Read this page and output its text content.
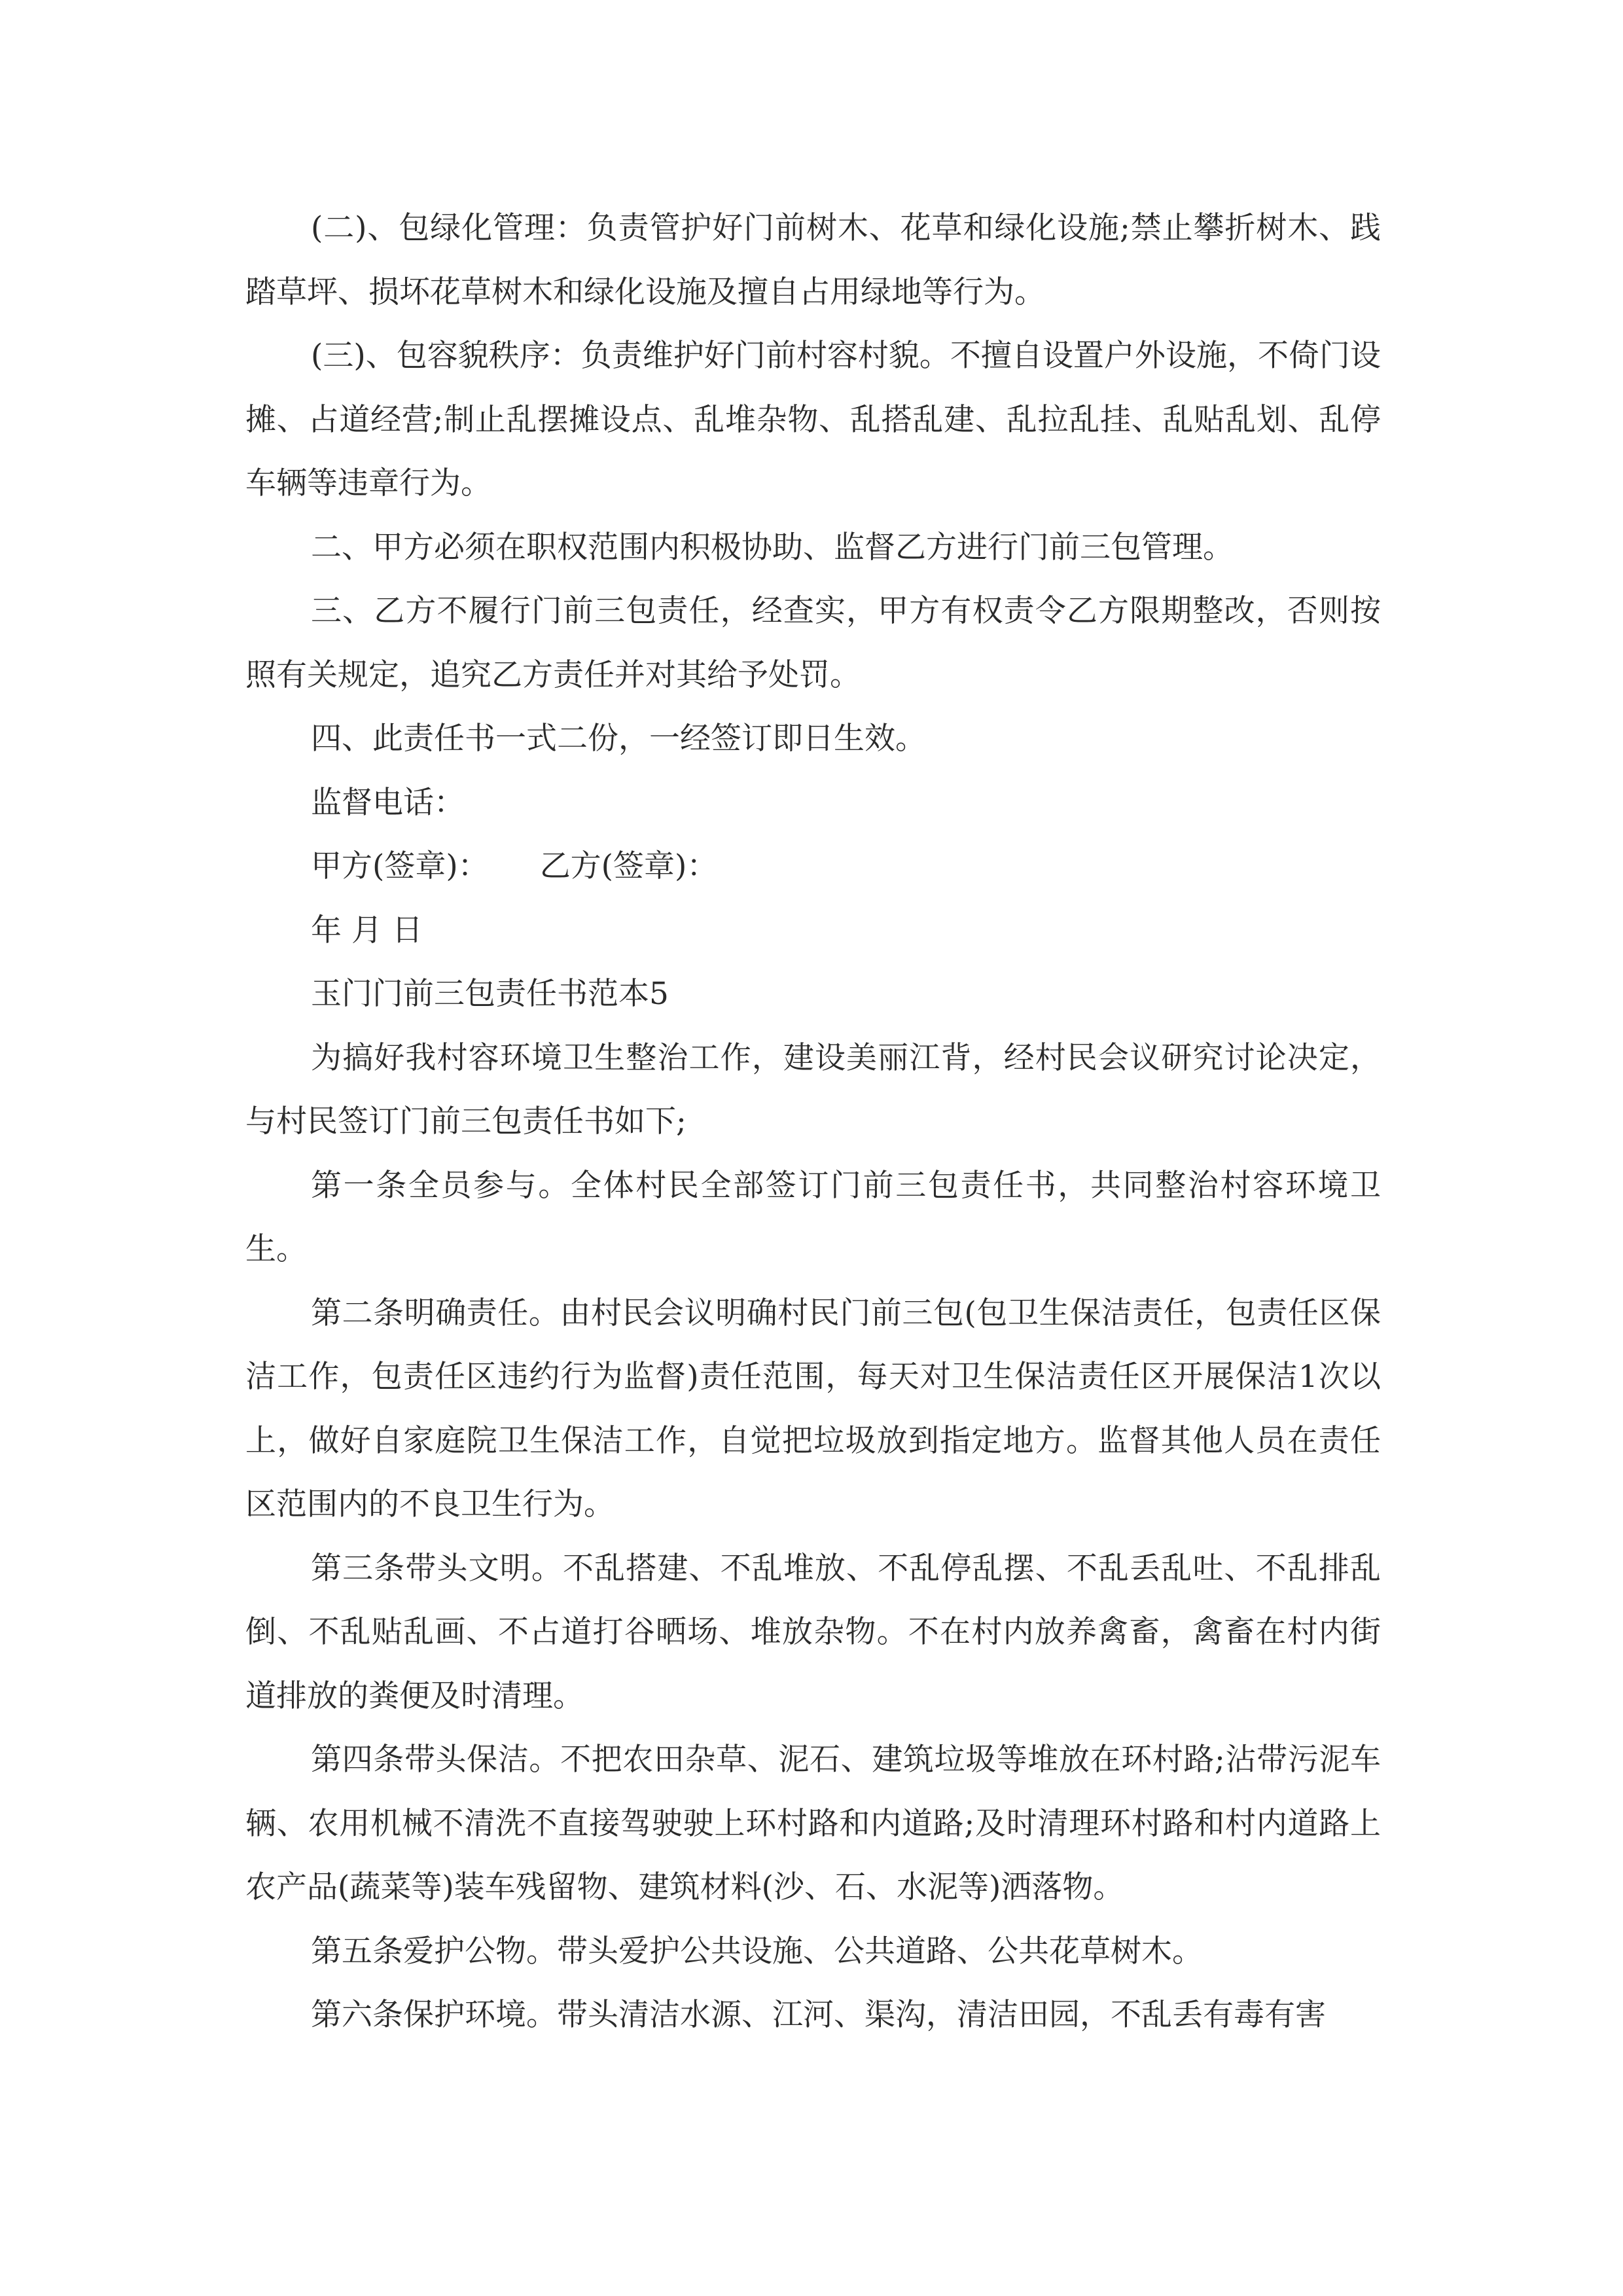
(二)、包绿化管理：负责管护好门前树木、花草和绿化设施;禁止攀折树木、践踏草坪、损坏花草树木和绿化设施及擅自占用绿地等行为。

(三)、包容貌秩序：负责维护好门前村容村貌。不擅自设置户外设施，不倚门设摊、占道经营;制止乱摆摊设点、乱堆杂物、乱搭乱建、乱拉乱挂、乱贴乱划、乱停车辆等违章行为。

二、甲方必须在职权范围内积极协助、监督乙方进行门前三包管理。

三、乙方不履行门前三包责任，经查实，甲方有权责令乙方限期整改，否则按照有关规定，追究乙方责任并对其给予处罚。

四、此责任书一式二份，一经签订即日生效。

监督电话：

甲方(签章)： 乙方(签章)：

年 月 日

玉门门前三包责任书范本5

为搞好我村容环境卫生整治工作，建设美丽江背，经村民会议研究讨论决定，与村民签订门前三包责任书如下;

第一条全员参与。全体村民全部签订门前三包责任书，共同整治村容环境卫生。

第二条明确责任。由村民会议明确村民门前三包(包卫生保洁责任，包责任区保洁工作，包责任区违约行为监督)责任范围，每天对卫生保洁责任区开展保洁1次以上，做好自家庭院卫生保洁工作，自觉把垃圾放到指定地方。监督其他人员在责任区范围内的不良卫生行为。

第三条带头文明。不乱搭建、不乱堆放、不乱停乱摆、不乱丢乱吐、不乱排乱倒、不乱贴乱画、不占道打谷晒场、堆放杂物。不在村内放养禽畜，禽畜在村内街道排放的粪便及时清理。

第四条带头保洁。不把农田杂草、泥石、建筑垃圾等堆放在环村路;沾带污泥车辆、农用机械不清洗不直接驾驶驶上环村路和内道路;及时清理环村路和村内道路上农产品(蔬菜等)装车残留物、建筑材料(沙、石、水泥等)洒落物。

第五条爱护公物。带头爱护公共设施、公共道路、公共花草树木。

第六条保护环境。带头清洁水源、江河、渠沟，清洁田园，不乱丢有毒有害
